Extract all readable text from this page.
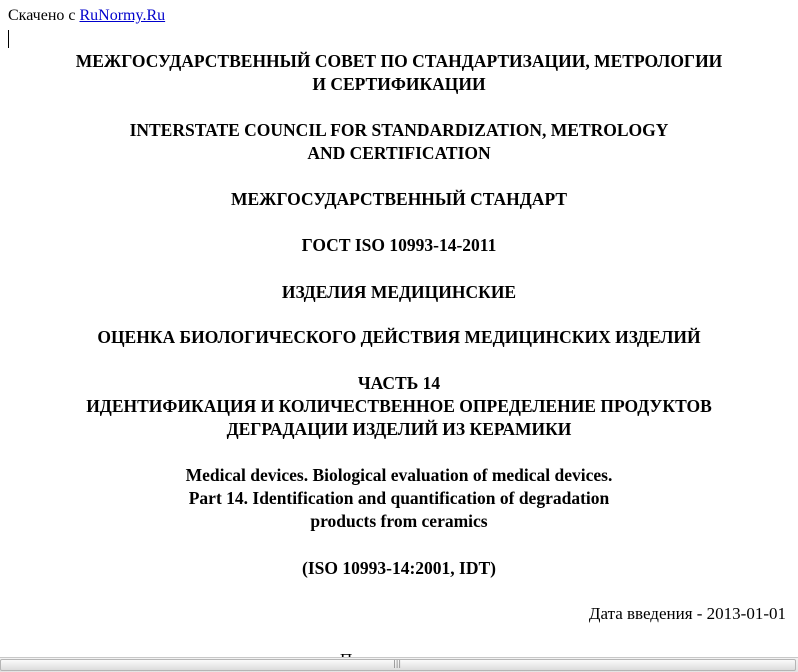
Скачено с RuNormy.Ru
МЕЖГОСУДАРСТВЕННЫЙ СОВЕТ ПО СТАНДАРТИЗАЦИИ, МЕТРОЛОГИИ
И СЕРТИФИКАЦИИ
INTERSTATE COUNCIL FOR STANDARDIZATION, METROLOGY
AND CERTIFICATION
МЕЖГОСУДАРСТВЕННЫЙ СТАНДАРТ
ГОСТ ISO 10993-14-2011
ИЗДЕЛИЯ МЕДИЦИНСКИЕ
ОЦЕНКА БИОЛОГИЧЕСКОГО ДЕЙСТВИЯ МЕДИЦИНСКИХ ИЗДЕЛИЙ
ЧАСТЬ 14
ИДЕНТИФИКАЦИЯ И КОЛИЧЕСТВЕННОЕ ОПРЕДЕЛЕНИЕ ПРОДУКТОВ
ДЕГРАДАЦИИ ИЗДЕЛИЙ ИЗ КЕРАМИКИ
Medical devices. Biological evaluation of medical devices.
Part 14. Identification and quantification of degradation
products from ceramics
(ISO 10993-14:2001, IDT)
Дата введения - 2013-01-01
|||
